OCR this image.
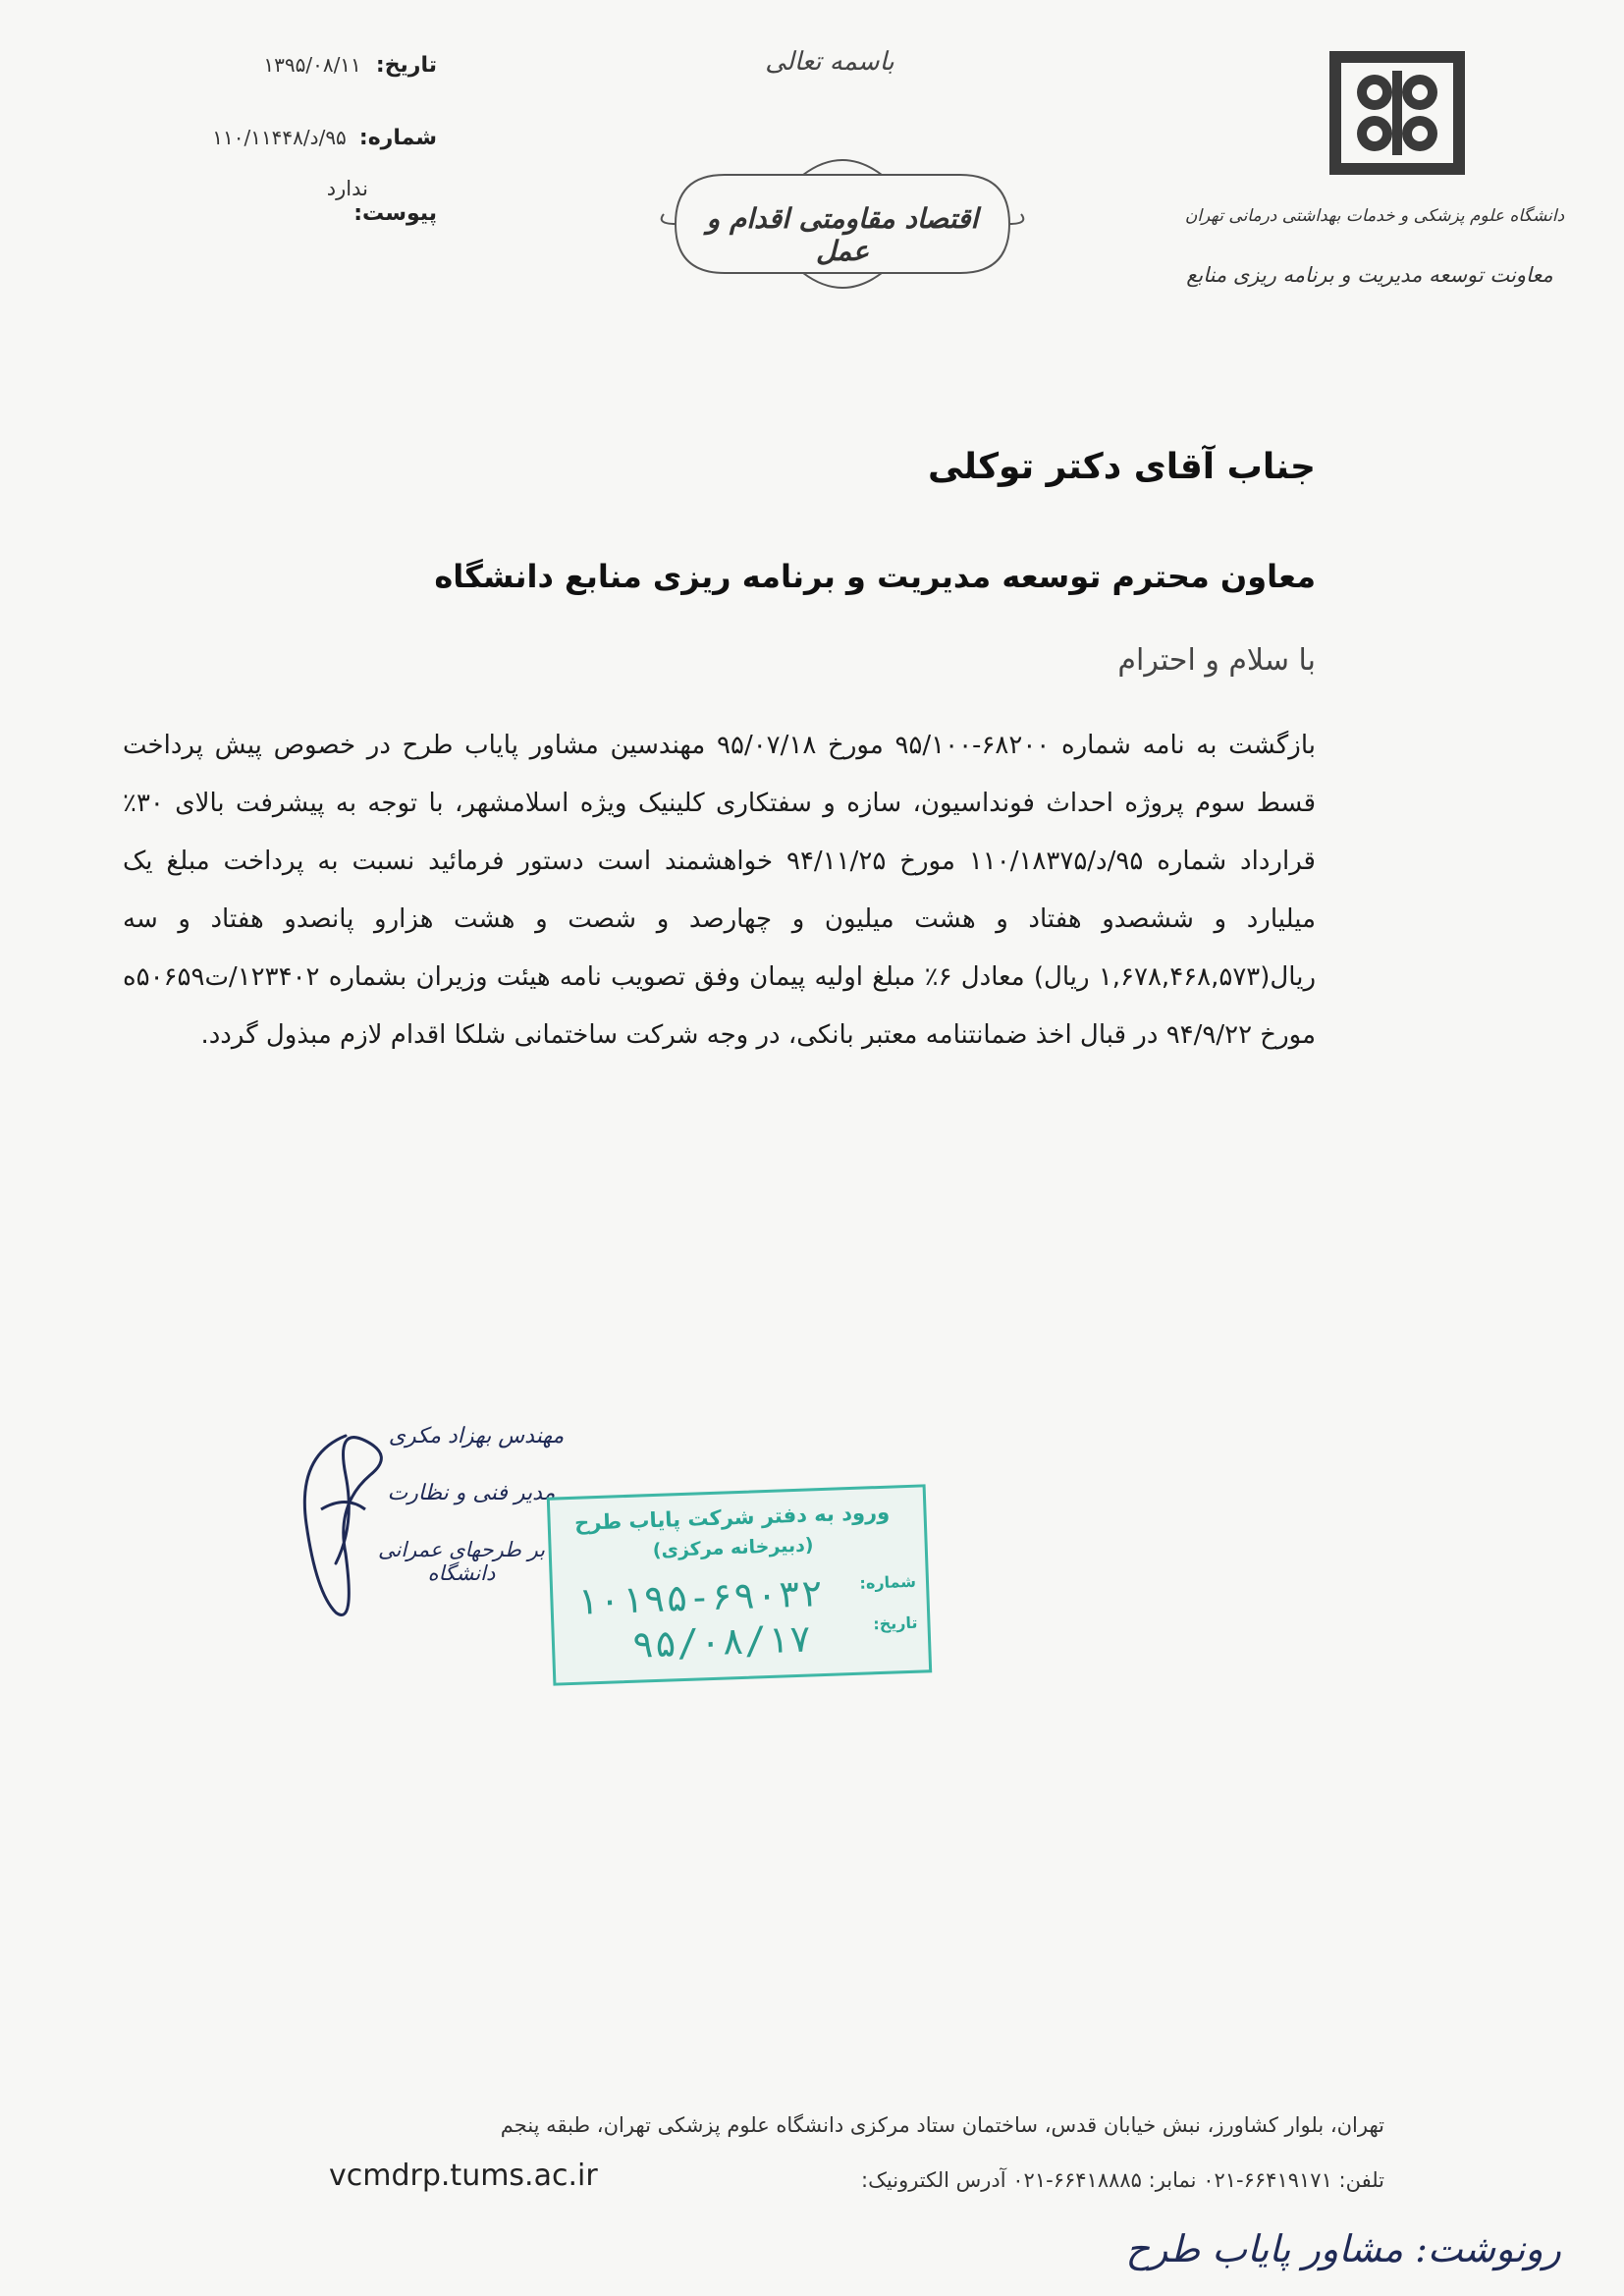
تاریخ: ۱۳۹۵/۰۸/۱۱
شماره: ۹۵/د/۱۱۰/۱۱۴۴۸
پیوست:
ندارد
باسمه تعالی
اقتصاد مقاومتی اقدام و عمل
دانشگاه علوم پزشکی و خدمات بهداشتی درمانی تهران
معاونت توسعه مدیریت و برنامه ریزی منابع
جناب آقای دکتر توکلی
معاون محترم توسعه مدیریت و برنامه ریزی منابع دانشگاه
با سلام و احترام
بازگشت به نامه شماره ۶۸۲۰۰-۹۵/۱۰۰ مورخ ۹۵/۰۷/۱۸ مهندسین مشاور پایاب طرح در خصوص پیش پرداخت قسط سوم پروژه احداث فونداسیون، سازه و سفتکاری کلینیک ویژه اسلامشهر، با توجه به پیشرفت بالای ۳۰٪ قرارداد شماره ۹۵/د/۱۱۰/۱۸۳۷۵ مورخ ۹۴/۱۱/۲۵ خواهشمند است دستور فرمائید نسبت به پرداخت مبلغ یک میلیارد و ششصدو هفتاد و هشت میلیون و چهارصد و شصت و هشت هزارو پانصدو هفتاد و سه ریال(۱,۶۷۸,۴۶۸,۵۷۳ ریال) معادل ۶٪ مبلغ اولیه پیمان وفق تصویب نامه هیئت وزیران بشماره ۱۲۳۴۰۲/ت۵۰۶۵۹ه مورخ ۹۴/۹/۲۲ در قبال اخذ ضمانتنامه معتبر بانکی، در وجه شرکت ساختمانی شلکا اقدام لازم مبذول گردد.
مهندس بهزاد مکری
مدیر فنی و نظارت
بر طرحهای عمرانی دانشگاه
ورود به دفتر شرکت پایاب طرح
(دبیرخانه مرکزی)
شماره:
تاریخ:
۱۰۱۹۵-۶۹۰۳۲
۹۵/۰۸/۱۷
تهران، بلوار کشاورز، نبش خیابان قدس، ساختمان ستاد مرکزی دانشگاه علوم پزشکی تهران، طبقه پنجم
تلفن: ۶۶۴۱۹۱۷۱-۰۲۱ نمابر: ۶۶۴۱۸۸۸۵-۰۲۱ آدرس الکترونیک:
vcmdrp.tums.ac.ir
رونوشت: مشاور پایاب طرح
